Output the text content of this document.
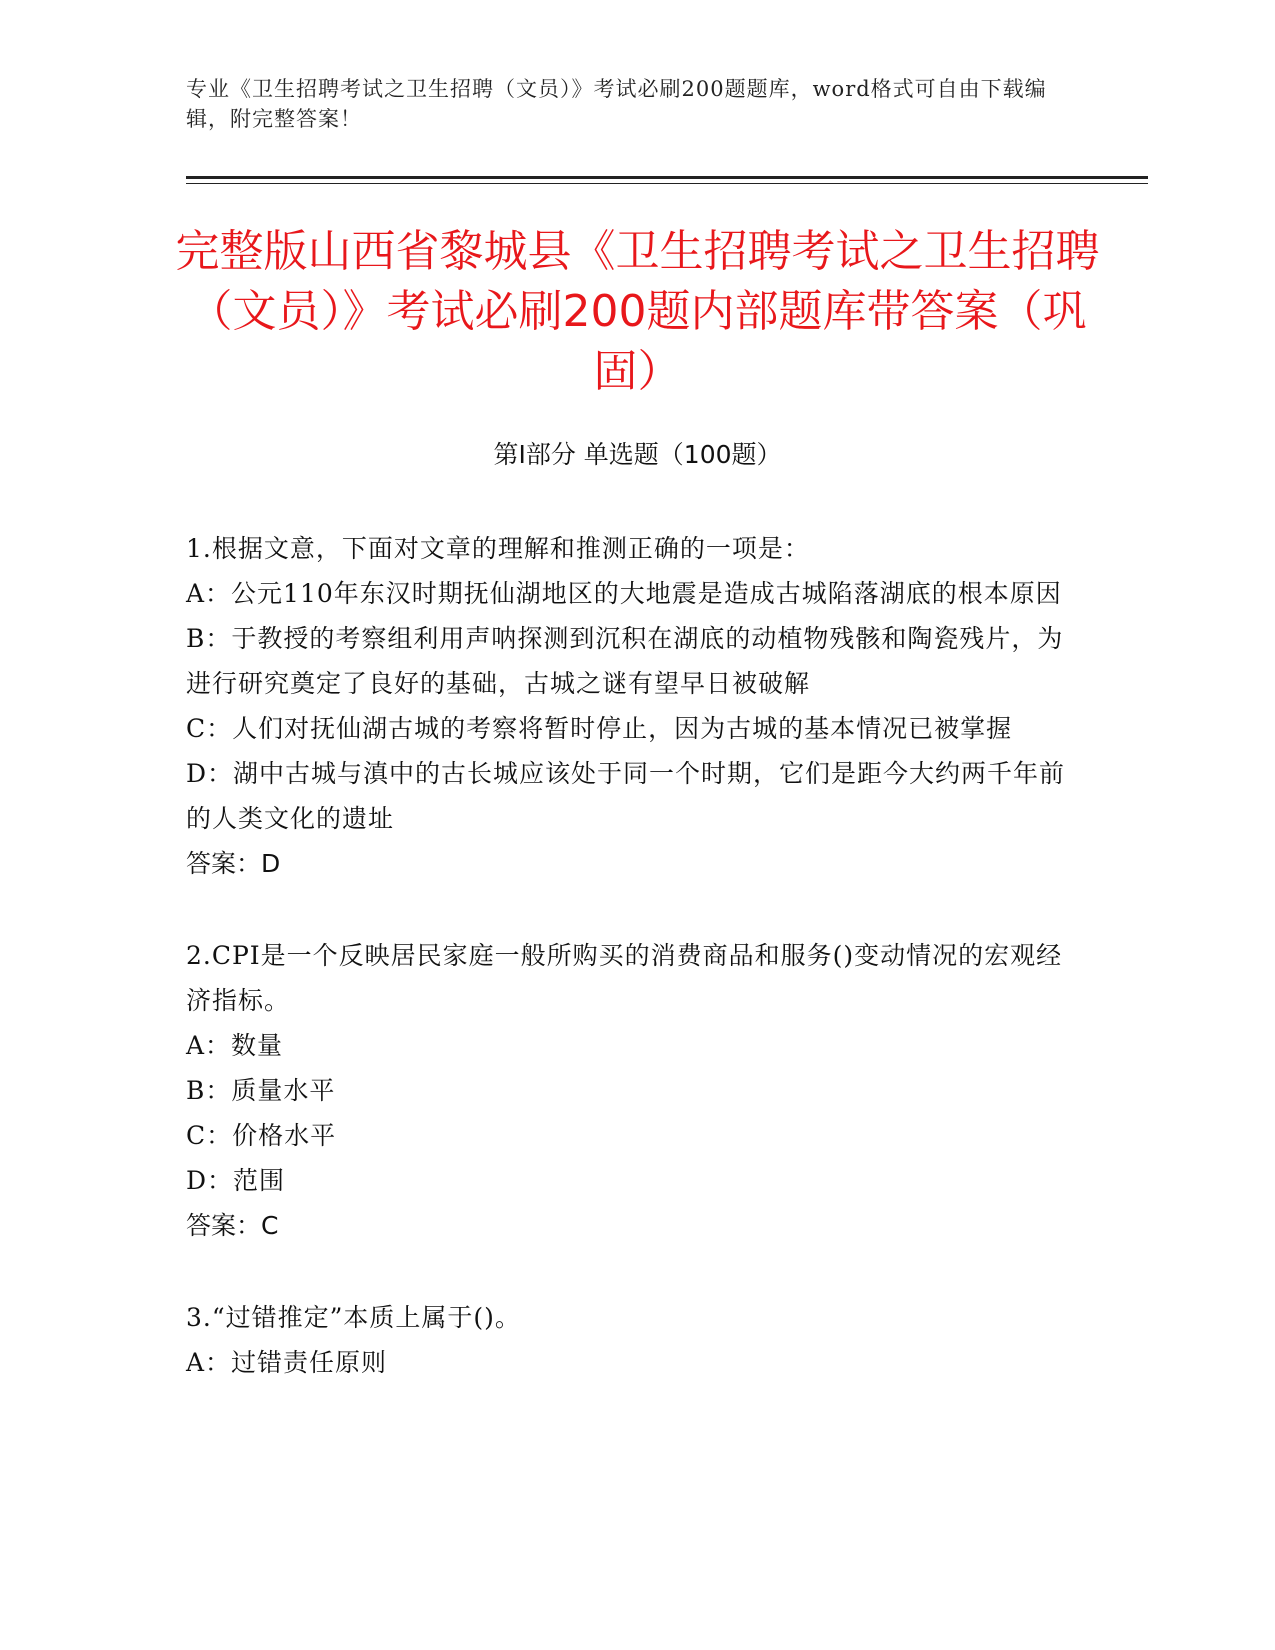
专业《卫生招聘考试之卫生招聘（文员）》考试必刷200题题库，word格式可自由下载编辑，附完整答案！
完整版山西省黎城县《卫生招聘考试之卫生招聘（文员）》考试必刷200题内部题库带答案（巩固）
第Ⅰ部分 单选题（100题）
1.根据文意，下面对文章的理解和推测正确的一项是：
A：公元110年东汉时期抚仙湖地区的大地震是造成古城陷落湖底的根本原因
B：于教授的考察组利用声呐探测到沉积在湖底的动植物残骸和陶瓷残片，为进行研究奠定了良好的基础，古城之谜有望早日被破解
C：人们对抚仙湖古城的考察将暂时停止，因为古城的基本情况已被掌握
D：湖中古城与滇中的古长城应该处于同一个时期，它们是距今大约两千年前的人类文化的遗址
答案：D
2.CPI是一个反映居民家庭一般所购买的消费商品和服务()变动情况的宏观经济指标。
A：数量
B：质量水平
C：价格水平
D：范围
答案：C
3.“过错推定”本质上属于()。
A：过错责任原则
